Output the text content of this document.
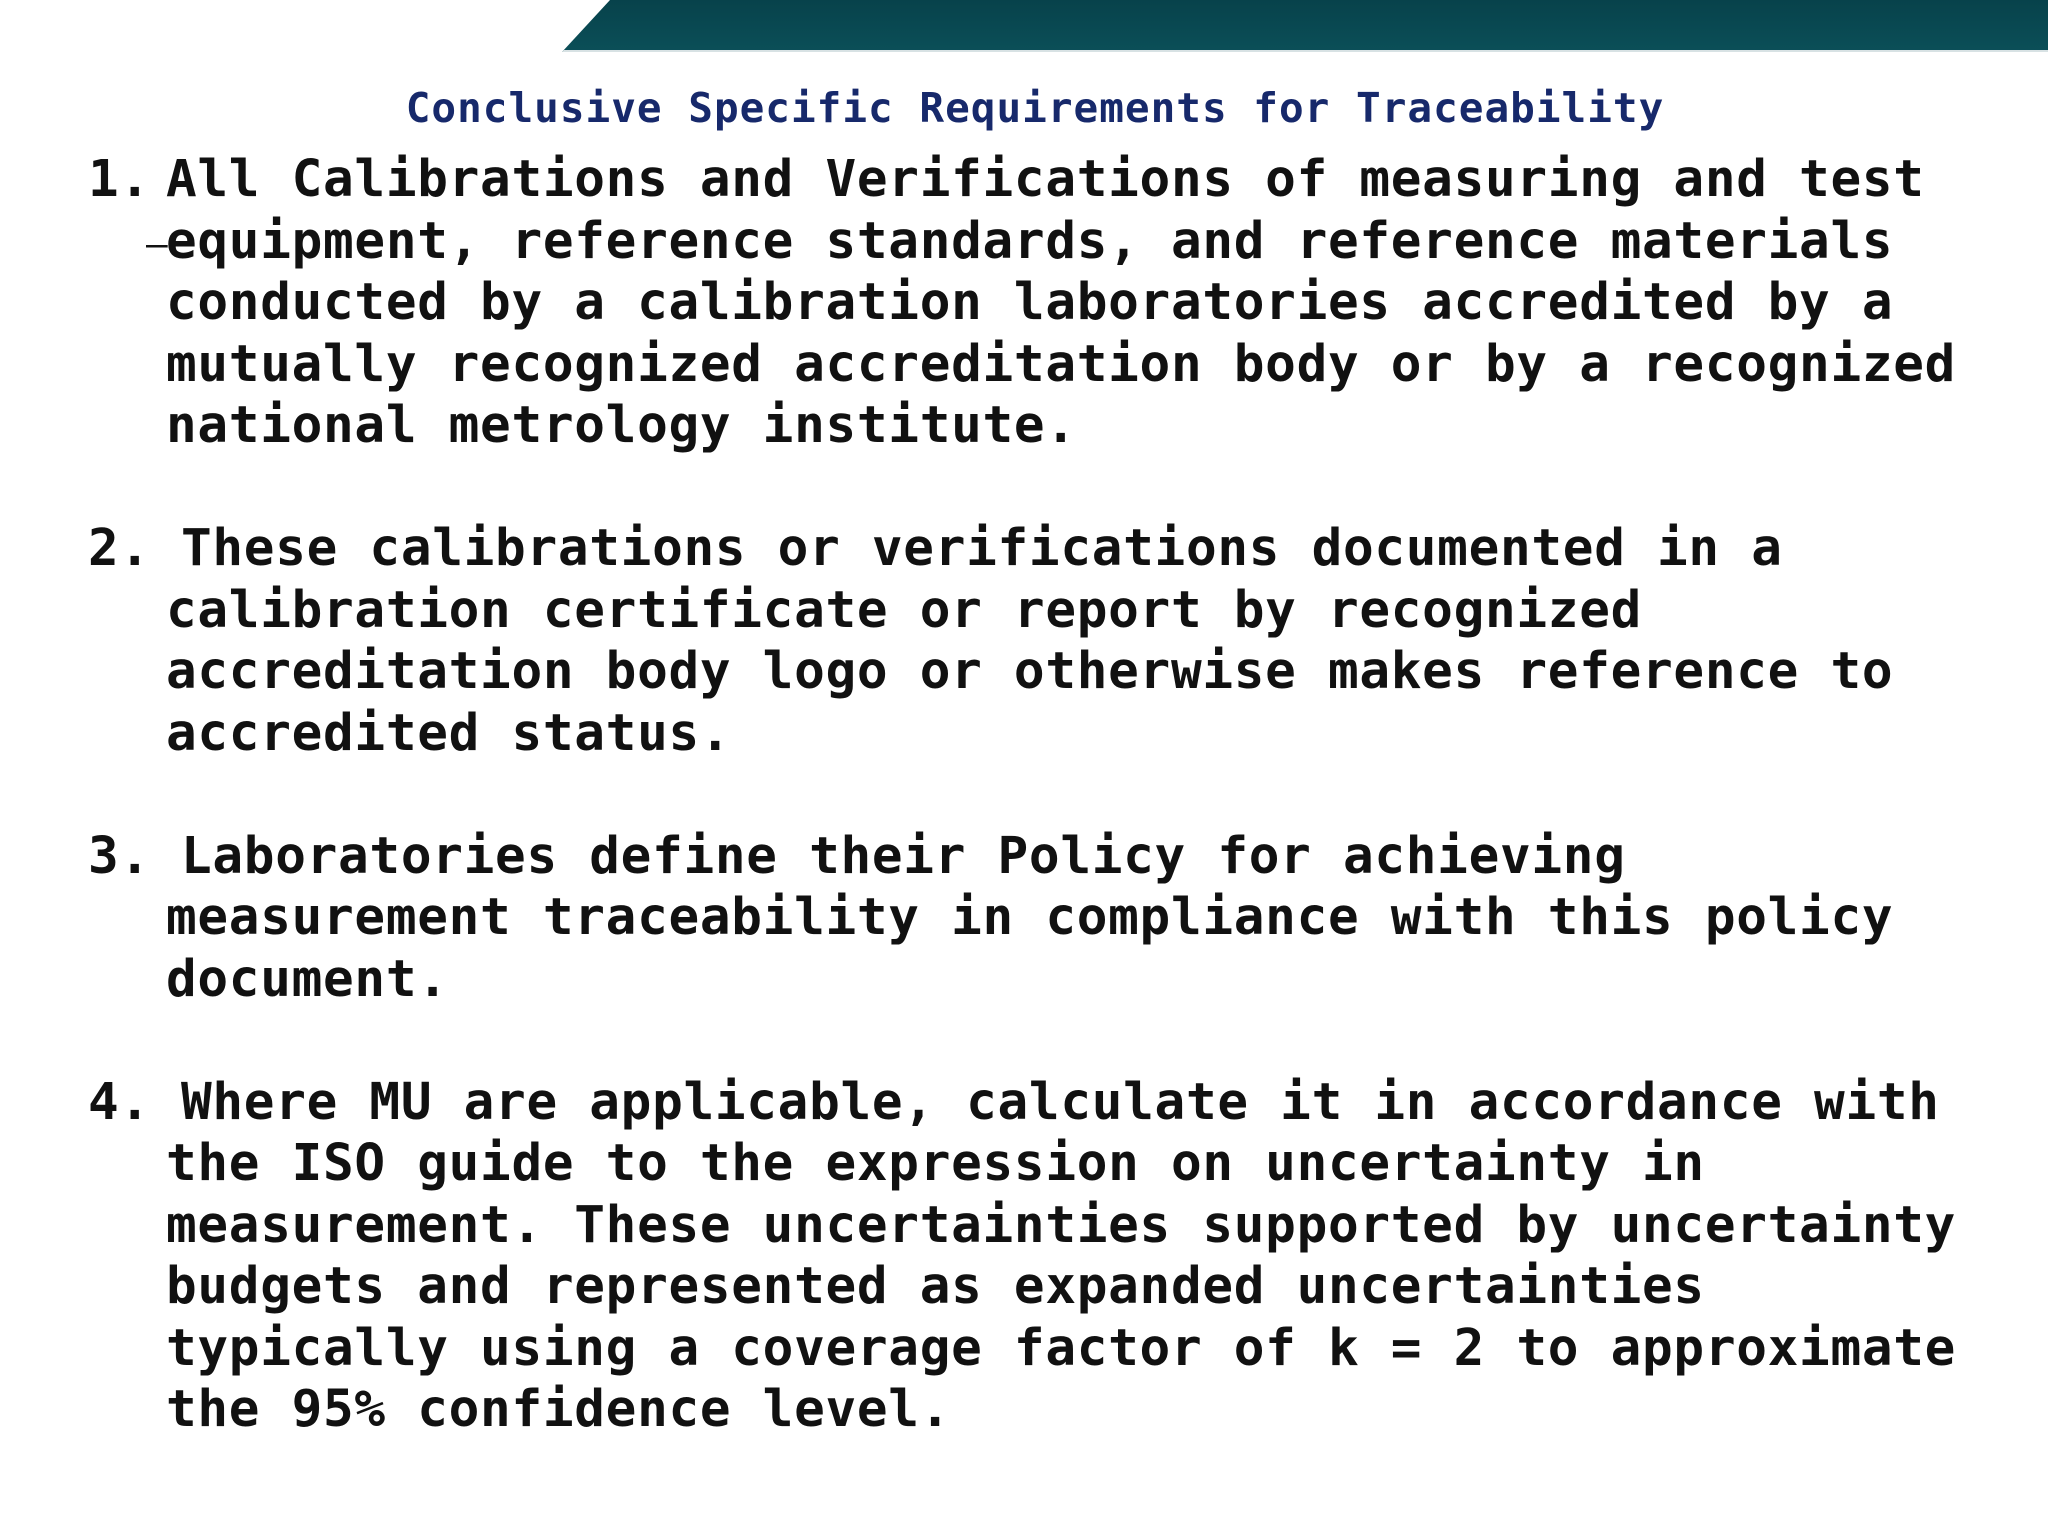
Conclusive Specific Requirements for Traceability
1.
–
All Calibrations and Verifications of measuring and test
equipment, reference standards, and reference materials
conducted by a calibration laboratories accredited by a
mutually recognized accreditation body or by a recognized
national metrology institute.
2. These calibrations or verifications documented in a
calibration certificate or report by recognized
accreditation body logo or otherwise makes reference to
accredited status.
3. Laboratories define their Policy for achieving
measurement traceability in compliance with this policy
document.
4. Where MU are applicable, calculate it in accordance with
the ISO guide to the expression on uncertainty in
measurement. These uncertainties supported by uncertainty
budgets and represented as expanded uncertainties
typically using a coverage factor of k = 2 to approximate
the 95% confidence level.
